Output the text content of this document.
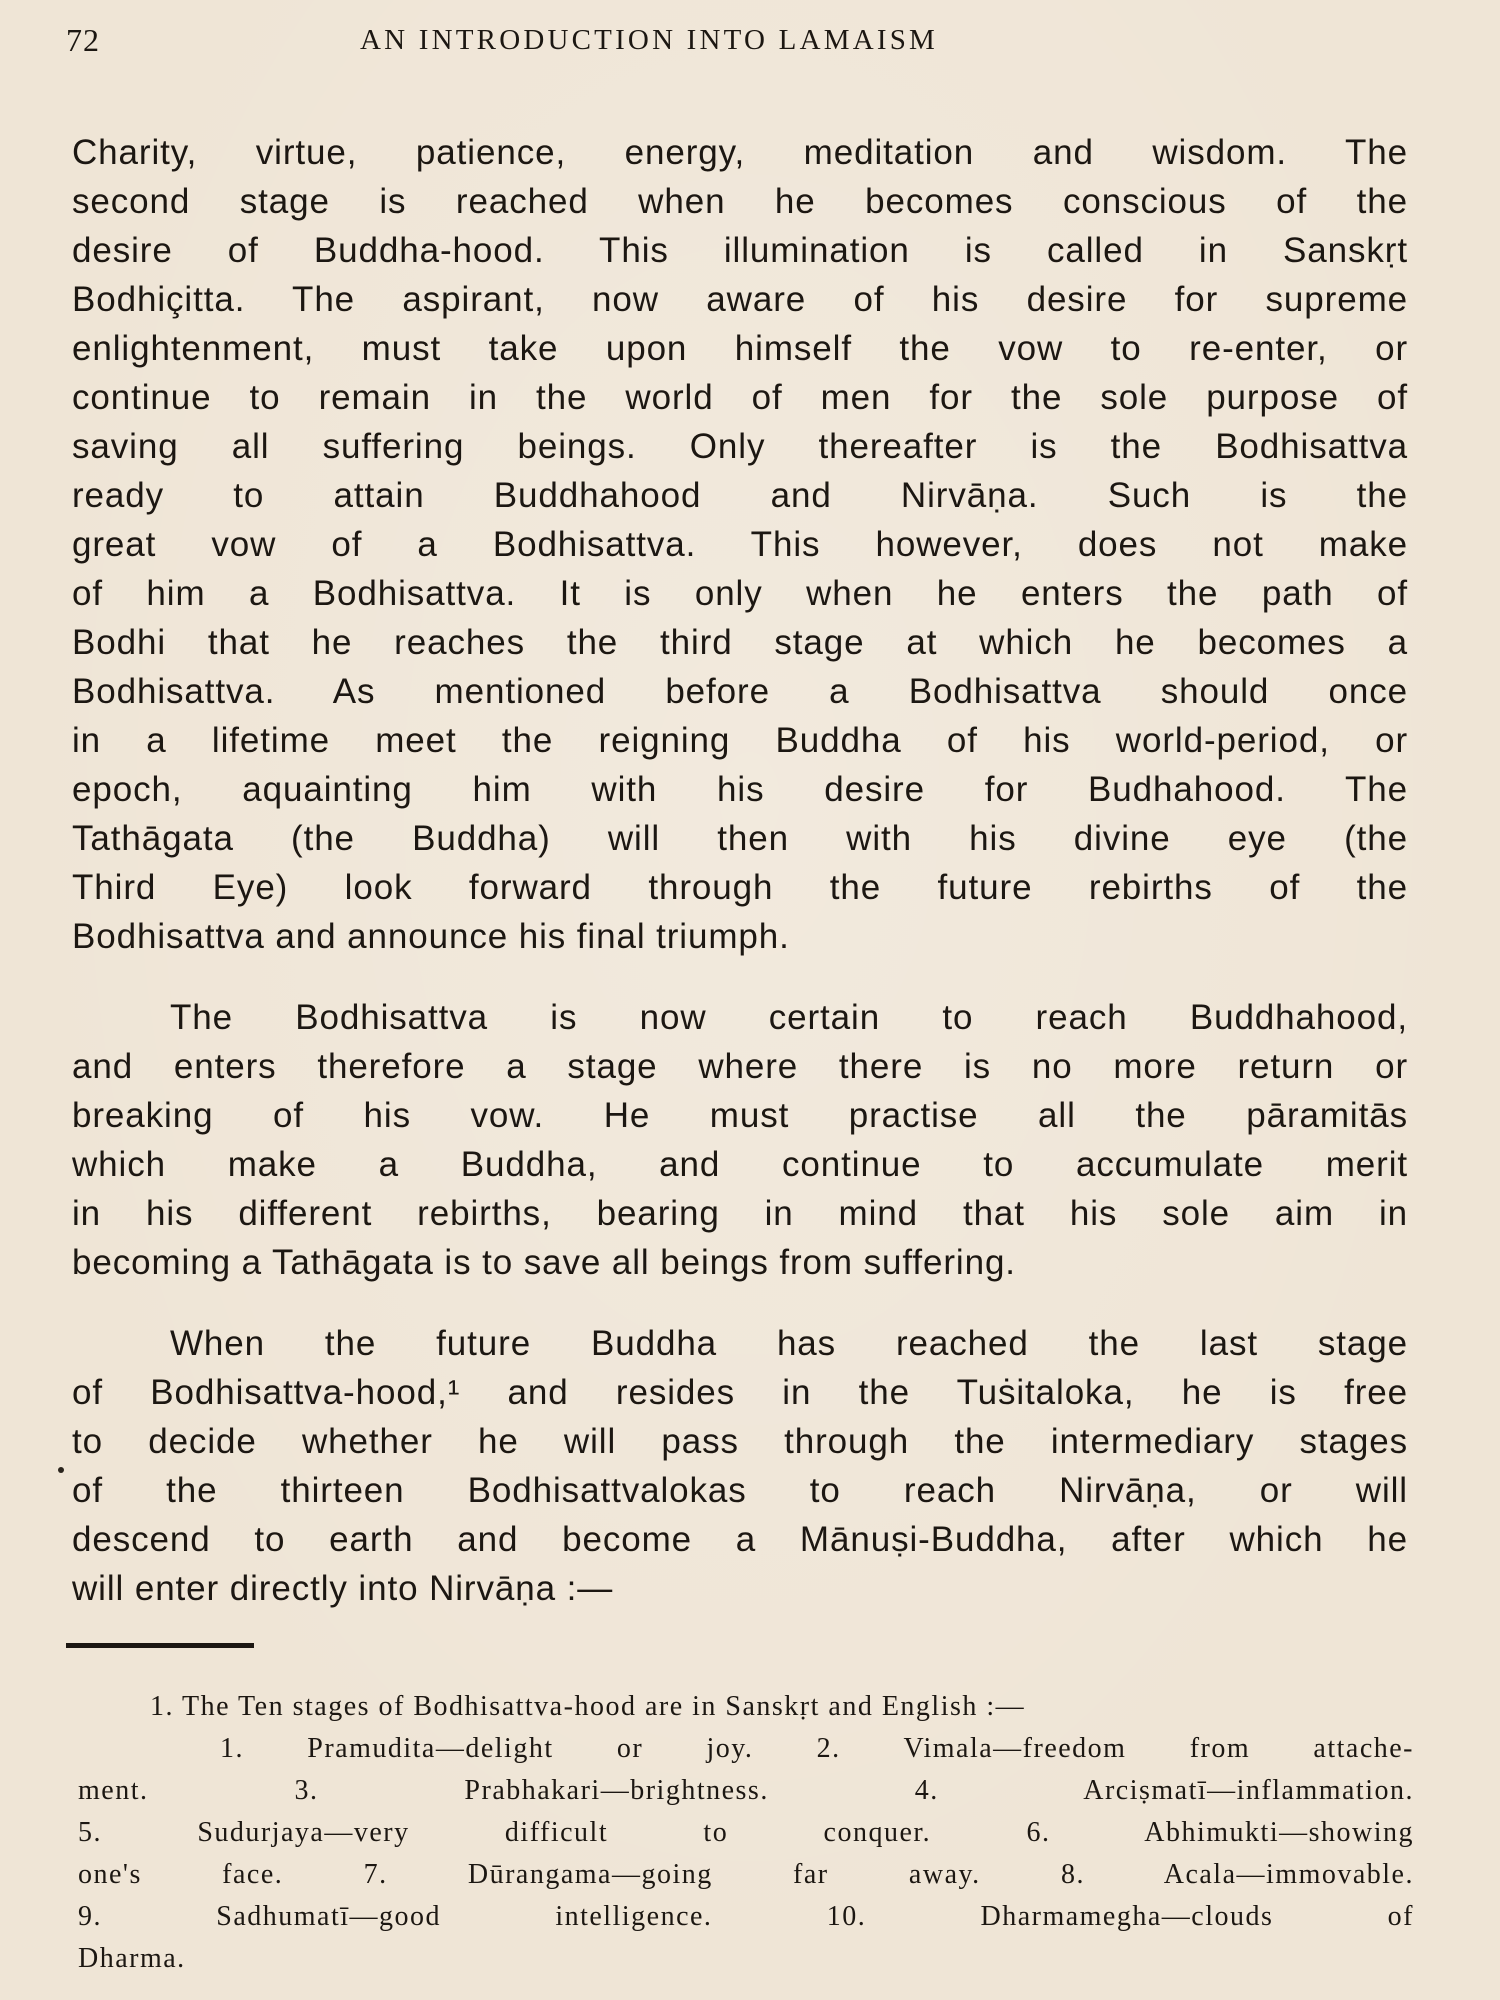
72	AN INTRODUCTION INTO LAMAISM
Charity, virtue, patience, energy, meditation and wisdom. The
second stage is reached when he becomes conscious of the
desire of Buddha-hood. This illumination is called in Sanskṛt
Bodhiçitta. The aspirant, now aware of his desire for supreme
enlightenment, must take upon himself the vow to re-enter, or
continue to remain in the world of men for the sole purpose of
saving all suffering beings. Only thereafter is the Bodhisattva
ready to attain Buddhahood and Nirvāṇa. Such is the
great vow of a Bodhisattva. This however, does not make
of him a Bodhisattva. It is only when he enters the path of
Bodhi that he reaches the third stage at which he becomes a
Bodhisattva. As mentioned before a Bodhisattva should once
in a lifetime meet the reigning Buddha of his world-period, or
epoch, aquainting him with his desire for Budhahood. The
Tathāgata (the Buddha) will then with his divine eye (the
Third Eye) look forward through the future rebirths of the
Bodhisattva and announce his final triumph.
The Bodhisattva is now certain to reach Buddhahood,
and enters therefore a stage where there is no more return or
breaking of his vow. He must practise all the pāramitās
which make a Buddha, and continue to accumulate merit
in his different rebirths, bearing in mind that his sole aim in
becoming a Tathāgata is to save all beings from suffering.
When the future Buddha has reached the last stage
of Bodhisattva-hood,¹ and resides in the Tuṡitaloka, he is free
to decide whether he will pass through the intermediary stages
of the thirteen Bodhisattvalokas to reach Nirvāṇa, or will
descend to earth and become a Mānuṣi-Buddha, after which he
will enter directly into Nirvāṇa :—
1. The Ten stages of Bodhisattva-hood are in Sanskṛt and English :—
1. Pramudita—delight or joy. 2. Vimala—freedom from attache-
ment. 3. Prabhakari—brightness. 4. Arciṣmatī—inflammation.
5. Sudurjaya—very difficult to conquer. 6. Abhimukti—showing
one's face. 7. Dūrangama—going far away. 8. Acala—immovable.
9. Sadhumatī—good intelligence. 10. Dharmamegha—clouds of
Dharma.
